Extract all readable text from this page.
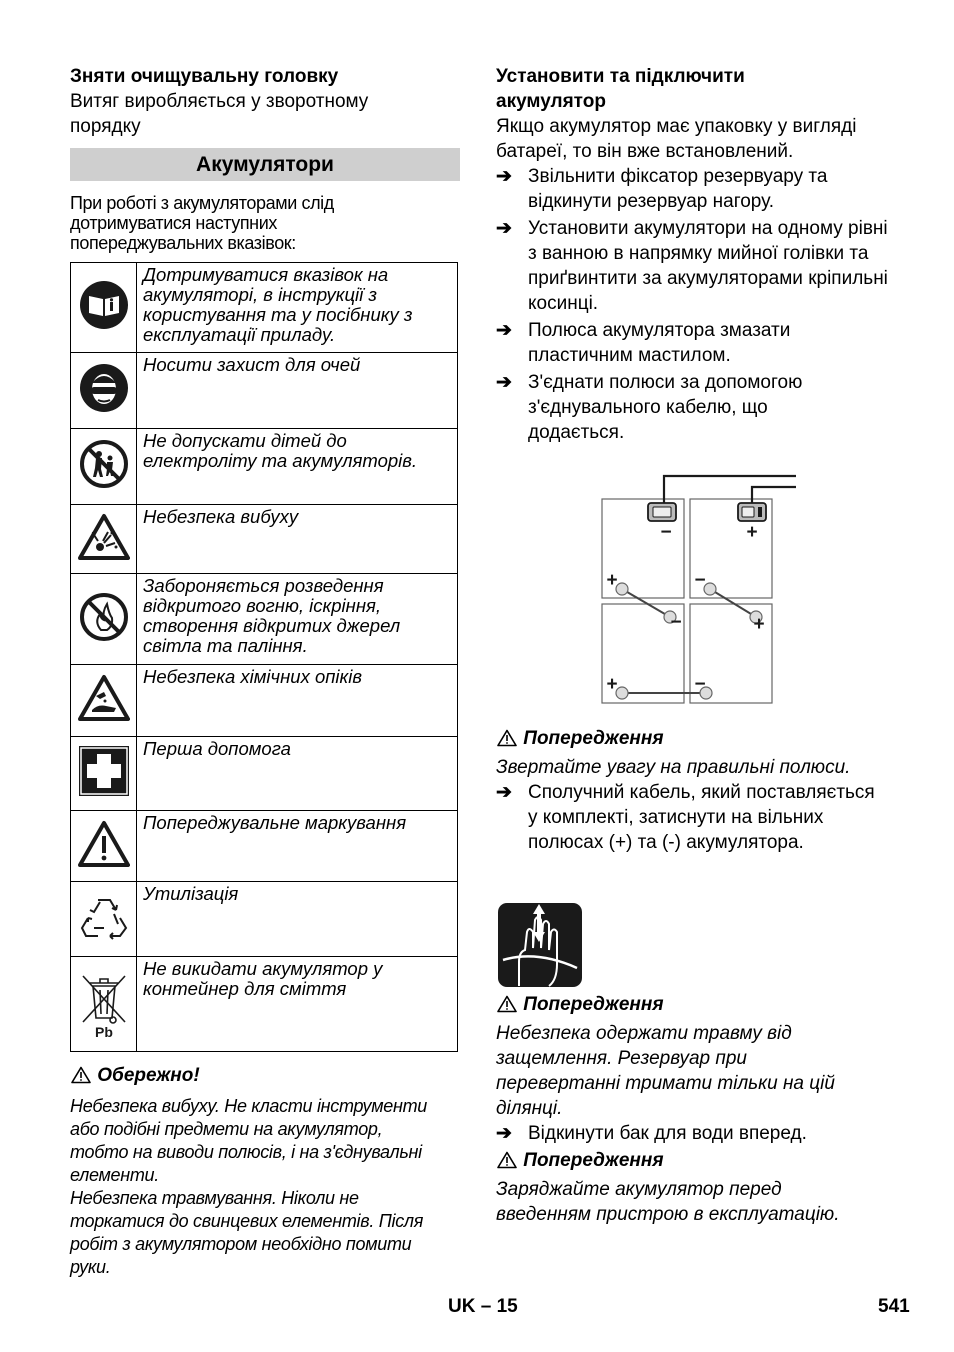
Зняти очищувальну головку

Витяг виробляється у зворотному порядку

Акумулятори

При роботі з акумуляторами слід дотримуватися наступних попереджувальних вказівок:

	Дотримуватися вказівок на акумуляторі, в інструкції з користування та у посібнику з експлуатації приладу.
	Носити захист для очей
	Не допускати дітей до електроліту та акумуляторів.
	Небезпека вибуху
	Забороняється розведення відкритого вогню, іскріння, створення відкритих джерел світла та паління.
	Небезпека хімічних опіків
	Перша допомога
	Попереджувальне маркування
	Утилізація

Pb	Не викидати акумулятор у контейнер для сміття

Обережно!

Небезпека вибуху. Не класти інструменти

або подібні предмети на акумулятор,

тобто на виводи полюсів, і на з'єднувальні

елементи.

Небезпека травмування. Ніколи не

торкатися до свинцевих елементів. Після

робіт з акумулятором необхідно помити

руки.

Установити та підключити акумулятор

Якщо акумулятор має упаковку у вигляді батареї, то він вже встановлений.

➔ Звільнити фіксатор резервуару та відкинути резервуар нагору.
➔ Установити акумулятори на одному рівні з ванною в напрямку мийної голівки та приґвинтити за акумуляторами кріпильні косинці.
➔ Полюса акумулятора змазати пластичним мастилом.
➔ З'єднати полюси за допомогою з'єднувального кабелю, що додається.
−	+
+	−
−	+
+	−

Попередження

Звертайте увагу на правильні полюси.

➔ Сполучний кабель, який поставляється у комплекті, затиснути на вільних полюсах (+) та (-) акумулятора.

Попередження

Небезпека одержати травму від защемлення. Резервуар при перевертанні тримати тільки на цій ділянці.

➔ Відкинути бак для води вперед.

Попередження

Заряджайте акумулятор перед введенням пристрою в експлуатацію.

UK – 15	541
